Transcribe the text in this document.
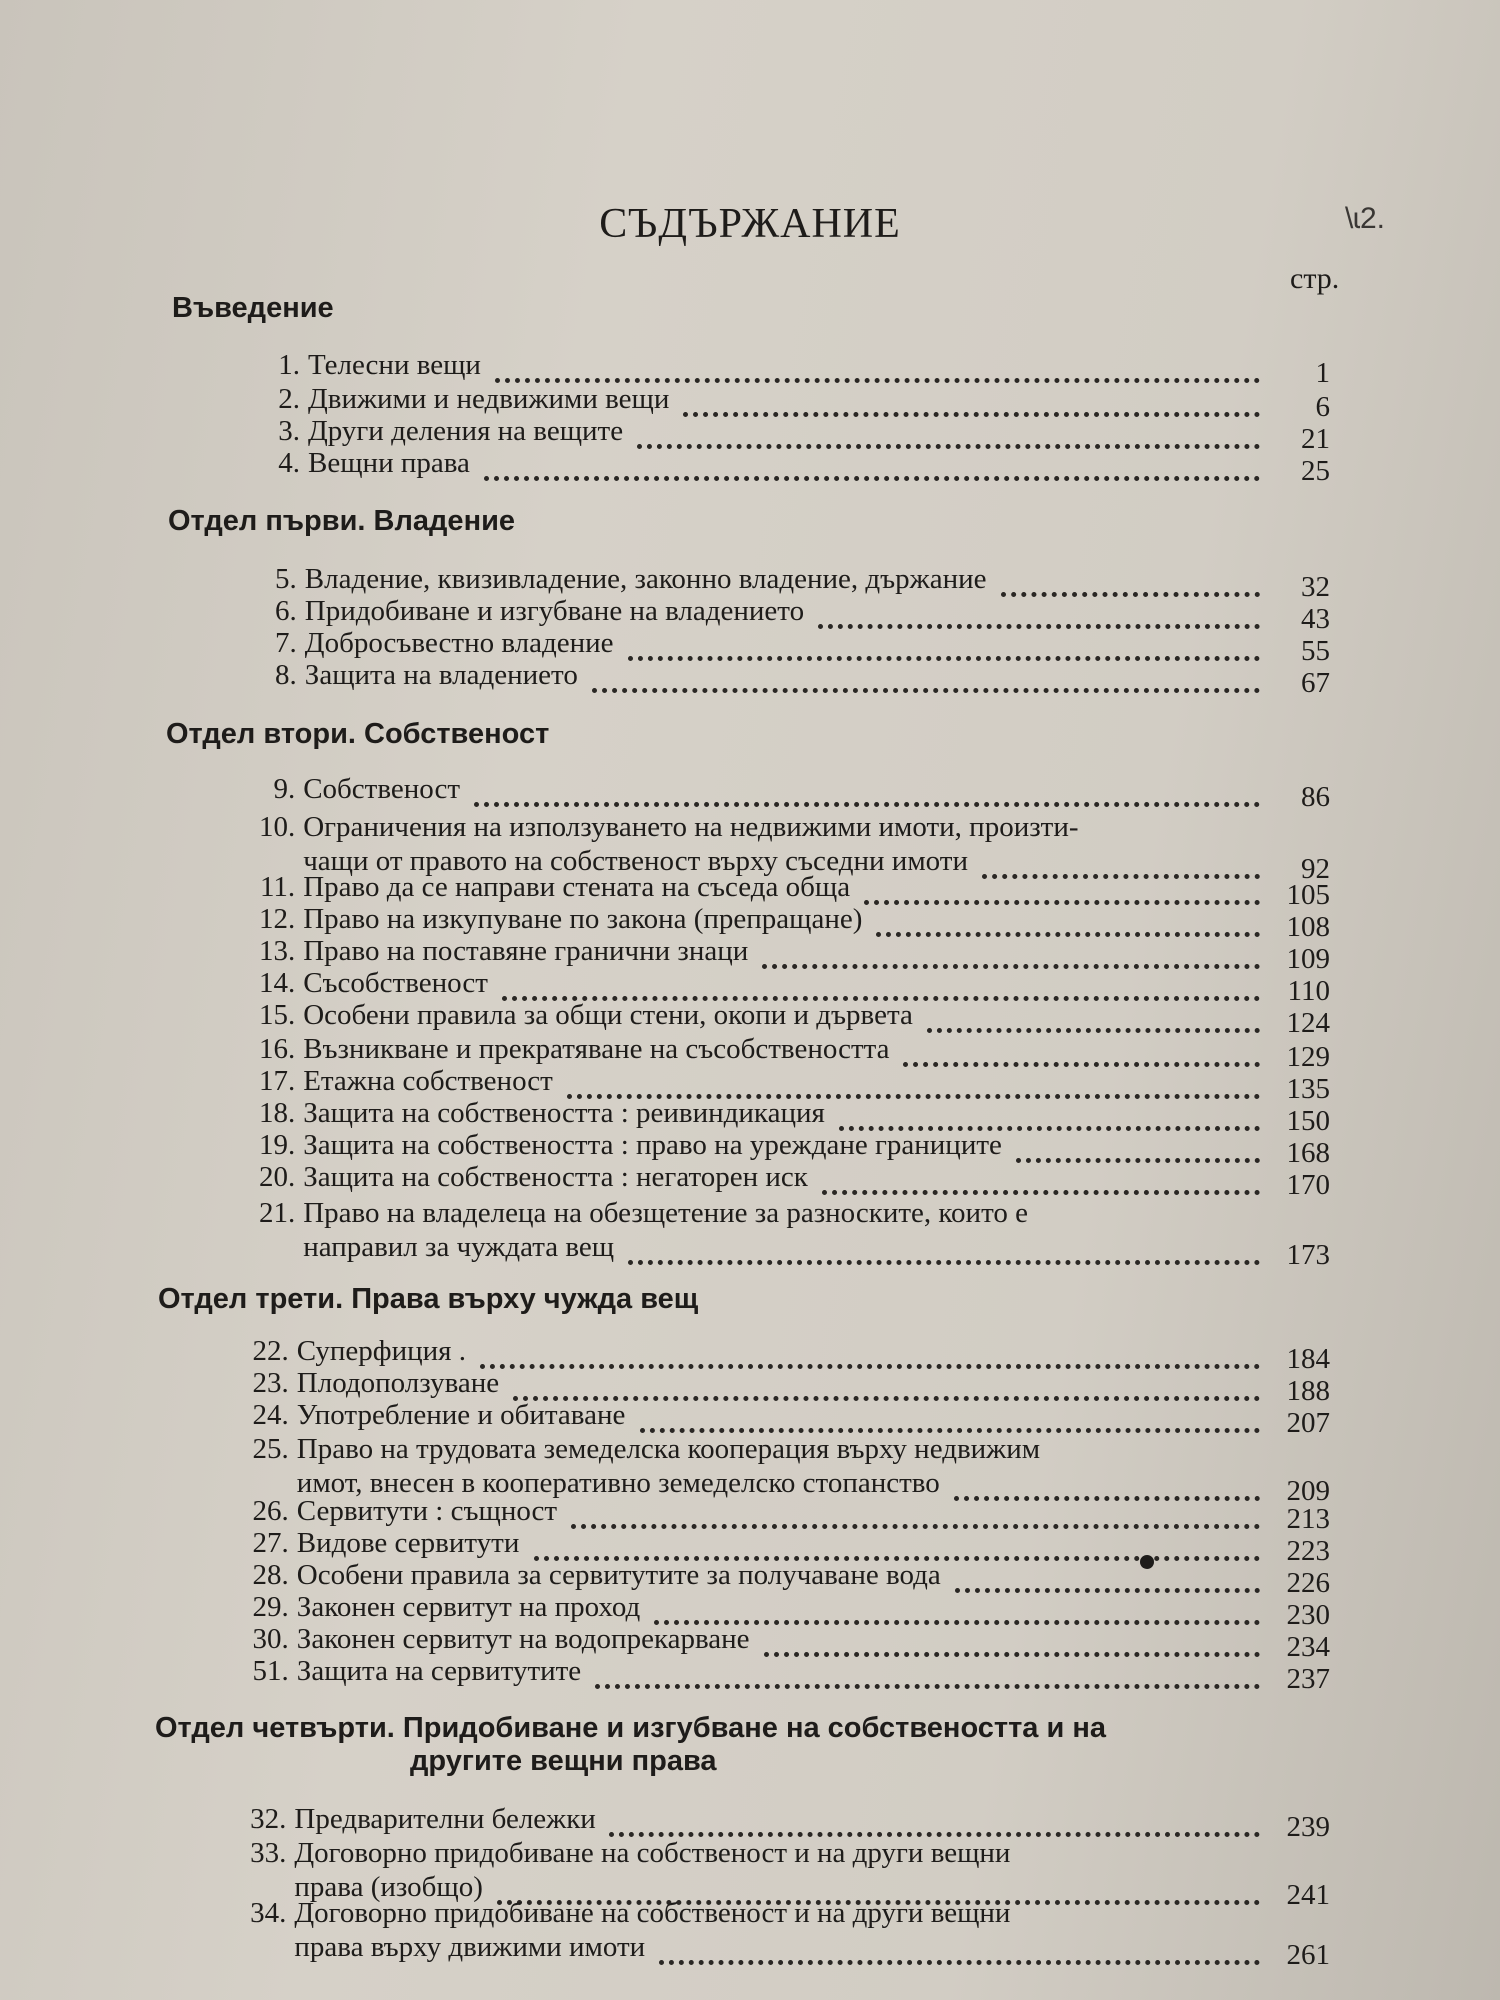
\ɩ2.
СЪДЪРЖАНИЕ
стр.
Въведение
1. Телесни вещи	1
2. Движими и недвижими вещи	6
3. Други деления на вещите	21
4. Вещни права	25
Отдел първи. Владение
5. Владение, квизивладение, законно владение, държание	32
6. Придобиване и изгубване на владението	43
7. Добросъвестно владение	55
8. Защита на владението	67
Отдел втори. Собственост
9. Собственост	86
10. Ограничения на използуването на недвижими имоти, произти-
чащи от правото на собственост върху съседни имоти	92
11. Право да се направи стената на съседа обща	105
12. Право на изкупуване по закона (препращане)	108
13. Право на поставяне гранични знаци	109
14. Съсобственост	110
15. Особени правила за общи стени, окопи и дървета	124
16. Възникване и прекратяване на съсобствеността	129
17. Етажна собственост	135
18. Защита на собствеността : реивиндикация	150
19. Защита на собствеността : право на уреждане границите	168
20. Защита на собствеността : негаторен иск	170
21. Право на владелеца на обезщетение за разноските, които е
направил за чуждата вещ	173
Отдел трети. Права върху чужда вещ
22. Суперфиция .	184
23. Плодоползуване	188
24. Употребление и обитаване	207
25. Право на трудовата земеделска кооперация върху недвижим
имот, внесен в кооперативно земеделско стопанство	209
26. Сервитути : същност	213
27. Видове сервитути	223
28. Особени правила за сервитутите за получаване вода	226
29. Законен сервитут на проход	230
30. Законен сервитут на водопрекарване	234
51. Защита на сервитутите	237
Отдел четвърти. Придобиване и изгубване на собствеността и на
другите вещни права
32. Предварителни бележки	239
33. Договорно придобиване на собственост и на други вещни
права (изобщо)	241
34. Договорно придобиване на собственост и на други вещни
права върху движими имоти	261
